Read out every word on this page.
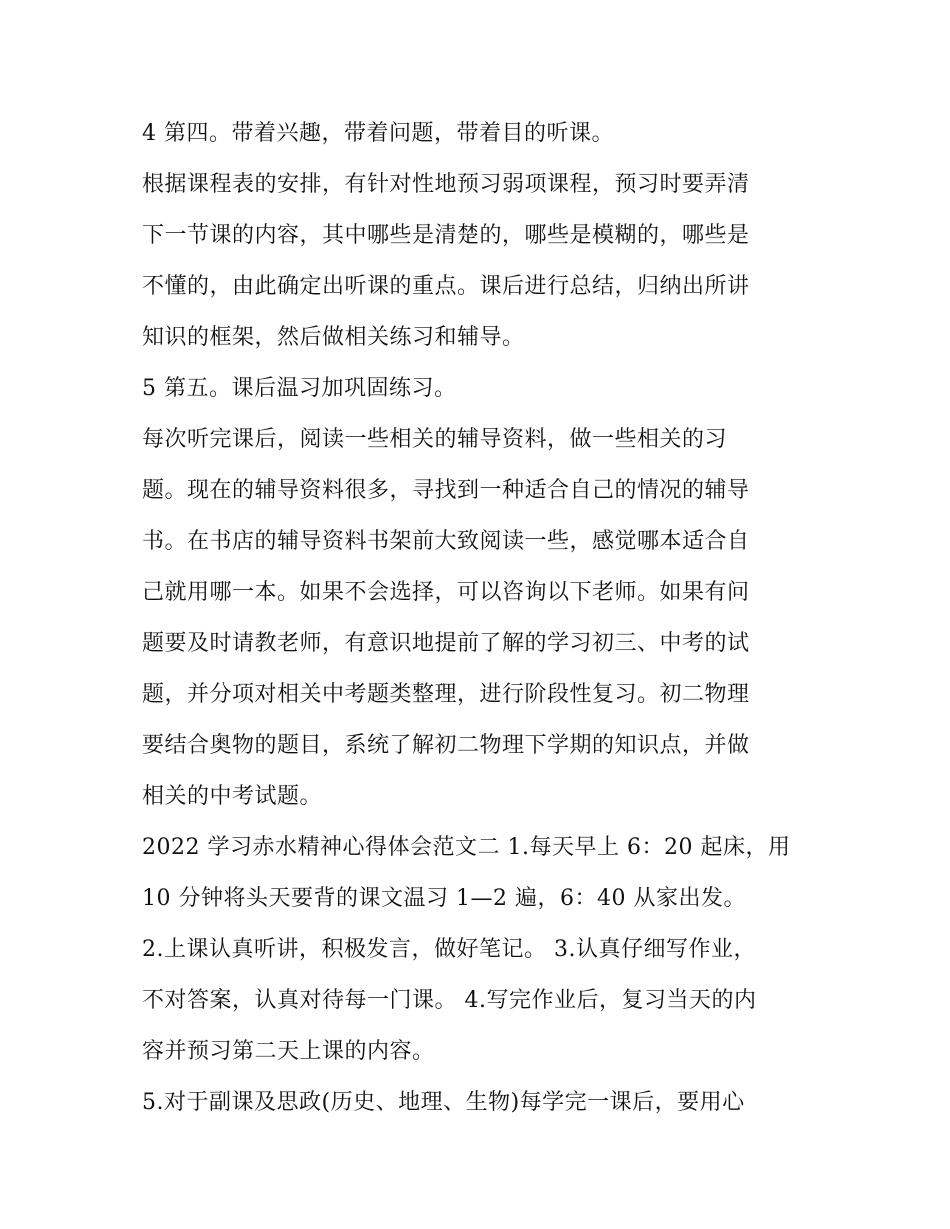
4 第四。带着兴趣，带着问题，带着目的听课。
根据课程表的安排，有针对性地预习弱项课程，预习时要弄清
下一节课的内容，其中哪些是清楚的，哪些是模糊的，哪些是
不懂的，由此确定出听课的重点。课后进行总结，归纳出所讲
知识的框架，然后做相关练习和辅导。
5 第五。课后温习加巩固练习。
每次听完课后，阅读一些相关的辅导资料，做一些相关的习
题。现在的辅导资料很多，寻找到一种适合自己的情况的辅导
书。在书店的辅导资料书架前大致阅读一些，感觉哪本适合自
己就用哪一本。如果不会选择，可以咨询以下老师。如果有问
题要及时请教老师，有意识地提前了解的学习初三、中考的试
题，并分项对相关中考题类整理，进行阶段性复习。初二物理
要结合奥物的题目，系统了解初二物理下学期的知识点，并做
相关的中考试题。
2022 学习赤水精神心得体会范文二 1.每天早上 6：20 起床，用
10 分钟将头天要背的课文温习 1—2 遍，6：40 从家出发。
2.上课认真听讲，积极发言，做好笔记。 3.认真仔细写作业，
不对答案，认真对待每一门课。 4.写完作业后，复习当天的内
容并预习第二天上课的内容。
5.对于副课及思政(历史、地理、生物)每学完一课后，要用心
